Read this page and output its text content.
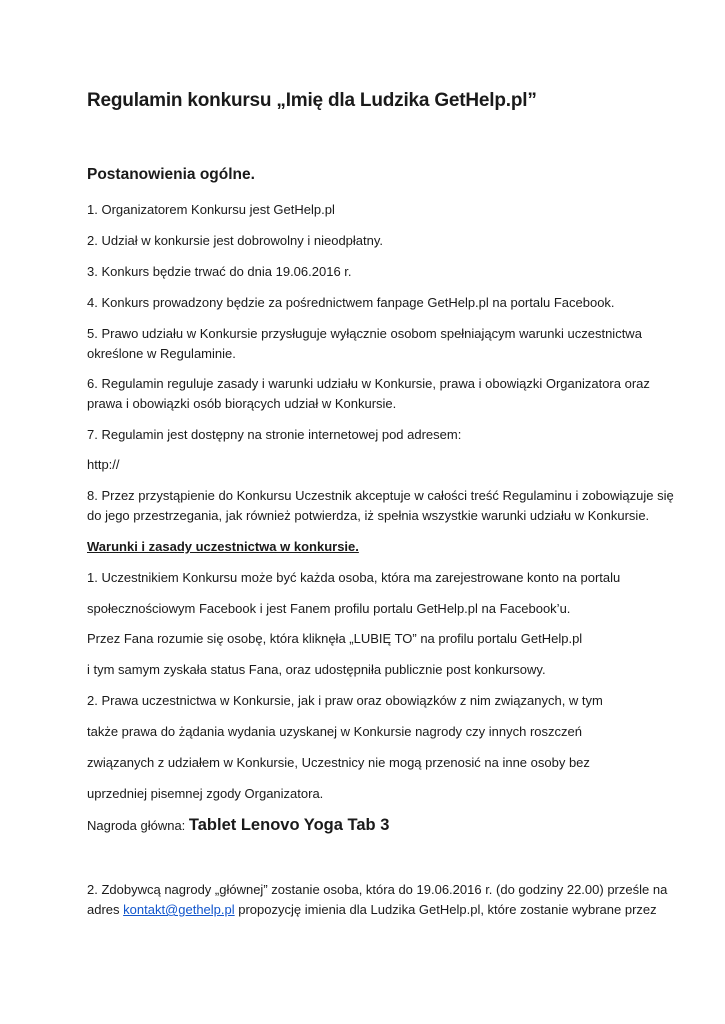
Regulamin konkursu „Imię dla Ludzika GetHelp.pl”
Postanowienia ogólne.
1. Organizatorem Konkursu jest GetHelp.pl
2. Udział w konkursie jest dobrowolny i nieodpłatny.
3. Konkurs będzie trwać do dnia 19.06.2016 r.
4. Konkurs prowadzony będzie za pośrednictwem fanpage GetHelp.pl na portalu Facebook.
5. Prawo udziału w Konkursie przysługuje wyłącznie osobom spełniającym warunki uczestnictwa
określone w Regulaminie.
6. Regulamin reguluje zasady i warunki udziału w Konkursie, prawa i obowiązki Organizatora oraz
prawa i obowiązki osób biorących udział w Konkursie.
7. Regulamin jest dostępny na stronie internetowej pod adresem:
http://
8. Przez przystąpienie do Konkursu Uczestnik akceptuje w całości treść Regulaminu i zobowiązuje się
do jego przestrzegania, jak również potwierdza, iż spełnia wszystkie warunki udziału w Konkursie.
Warunki i zasady uczestnictwa w konkursie.
1. Uczestnikiem Konkursu może być każda osoba, która ma zarejestrowane konto na portalu
społecznościowym Facebook i jest Fanem profilu portalu GetHelp.pl na Facebook’u.
Przez Fana rozumie się osobę, która kliknęła „LUBIĘ TO” na profilu portalu GetHelp.pl
i tym samym zyskała status Fana, oraz udostępniła publicznie post konkursowy.
2. Prawa uczestnictwa w Konkursie, jak i praw oraz obowiązków z nim związanych, w tym
także prawa do żądania wydania uzyskanej w Konkursie nagrody czy innych roszczeń
związanych z udziałem w Konkursie, Uczestnicy nie mogą przenosić na inne osoby bez
uprzedniej pisemnej zgody Organizatora.
Nagroda główna: Tablet Lenovo Yoga Tab 3
2. Zdobywcą nagrody „głównej” zostanie osoba, która do 19.06.2016 r. (do godziny 22.00) prześle na
adres kontakt@gethelp.pl propozycję imienia dla Ludzika GetHelp.pl, które zostanie wybrane przez
